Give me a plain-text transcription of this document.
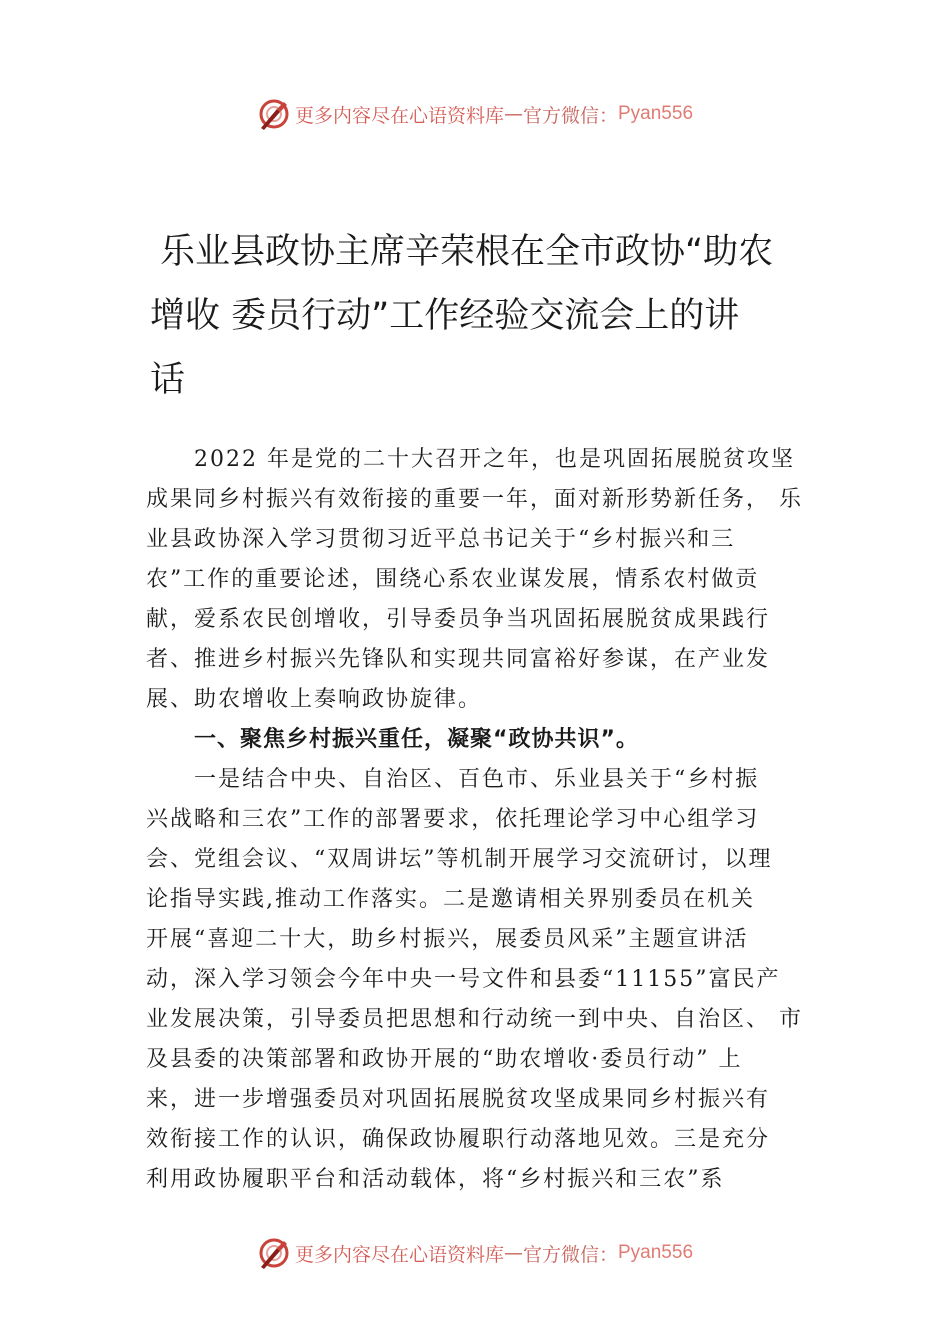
更多内容尽在心语资料库 — 官方微信： Pyan556
乐业县政协主席辛荣根在全市政协“助农
增收 委员行动”工作经验交流会上的讲
话
2022 年是党的二十大召开之年，也是巩固拓展脱贫攻坚
成果同乡村振兴有效衔接的重要一年，面对新形势新任务， 乐
业县政协深入学习贯彻习近平总书记关于“乡村振兴和三
农”工作的重要论述，围绕心系农业谋发展，情系农村做贡
献，爱系农民创增收，引导委员争当巩固拓展脱贫成果践行
者、推进乡村振兴先锋队和实现共同富裕好参谋，在产业发
展、助农增收上奏响政协旋律。
一、聚焦乡村振兴重任，凝聚“政协共识”。
一是结合中央、自治区、百色市、乐业县关于“乡村振
兴战略和三农”工作的部署要求，依托理论学习中心组学习
会、党组会议、“双周讲坛”等机制开展学习交流研讨，以理
论指导实践,推动工作落实。二是邀请相关界别委员在机关
开展“喜迎二十大，助乡村振兴，展委员风采”主题宣讲活
动，深入学习领会今年中央一号文件和县委“11155”富民产
业发展决策，引导委员把思想和行动统一到中央、自治区、 市
及县委的决策部署和政协开展的“助农增收·委员行动” 上
来，进一步增强委员对巩固拓展脱贫攻坚成果同乡村振兴有
效衔接工作的认识，确保政协履职行动落地见效。三是充分
利用政协履职平台和活动载体，将“乡村振兴和三农”系
更多内容尽在心语资料库 — 官方微信： Pyan556
